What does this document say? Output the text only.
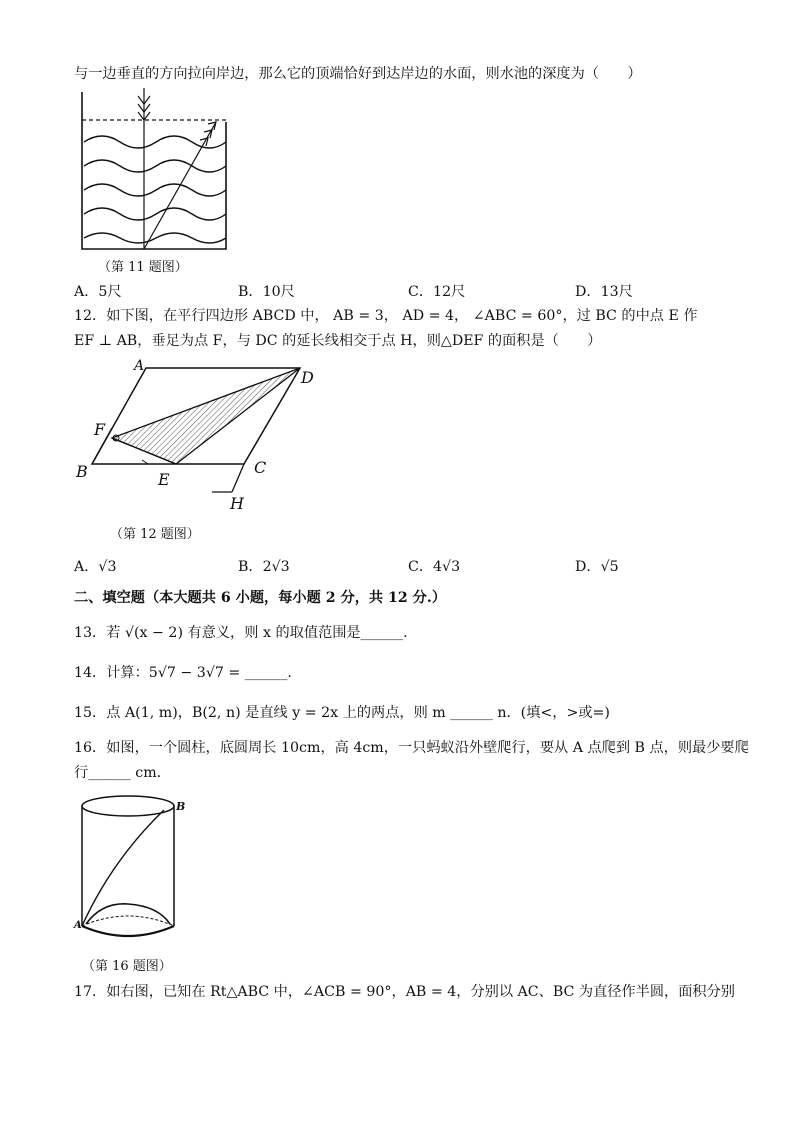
与一边垂直的方向拉向岸边，那么它的顶端恰好到达岸边的水面，则水池的深度为（　　）
（第 11 题图）
A．5尺	B．10尺	C．12尺	D．13尺
12．如下图，在平行四边形 ABCD 中， AB = 3， AD = 4， ∠ABC = 60°，过 BC 的中点 E 作
EF ⊥ AB，垂足为点 F，与 DC 的延长线相交于点 H，则△DEF 的面积是（　　）
A
D
F
B	E
C
H
（第 12 题图）
A．√3	B．2√3	C．4√3	D．√5
二、填空题（本大题共 6 小题，每小题 2 分，共 12 分.）
13．若 √(x − 2) 有意义，则 x 的取值范围是______.
14．计算：5√7 − 3√7 = ______.
15．点 A(1, m)，B(2, n) 是直线 y = 2x 上的两点，则 m ______ n．(填<，>或=)
16．如图，一个圆柱，底圆周长 10cm，高 4cm，一只蚂蚁沿外壁爬行，要从 A 点爬到 B 点，则最少要爬
行______ cm．
B
A
（第 16 题图）
17．如右图，已知在 Rt△ABC 中，∠ACB = 90°，AB = 4，分别以 AC、BC 为直径作半圆，面积分别
